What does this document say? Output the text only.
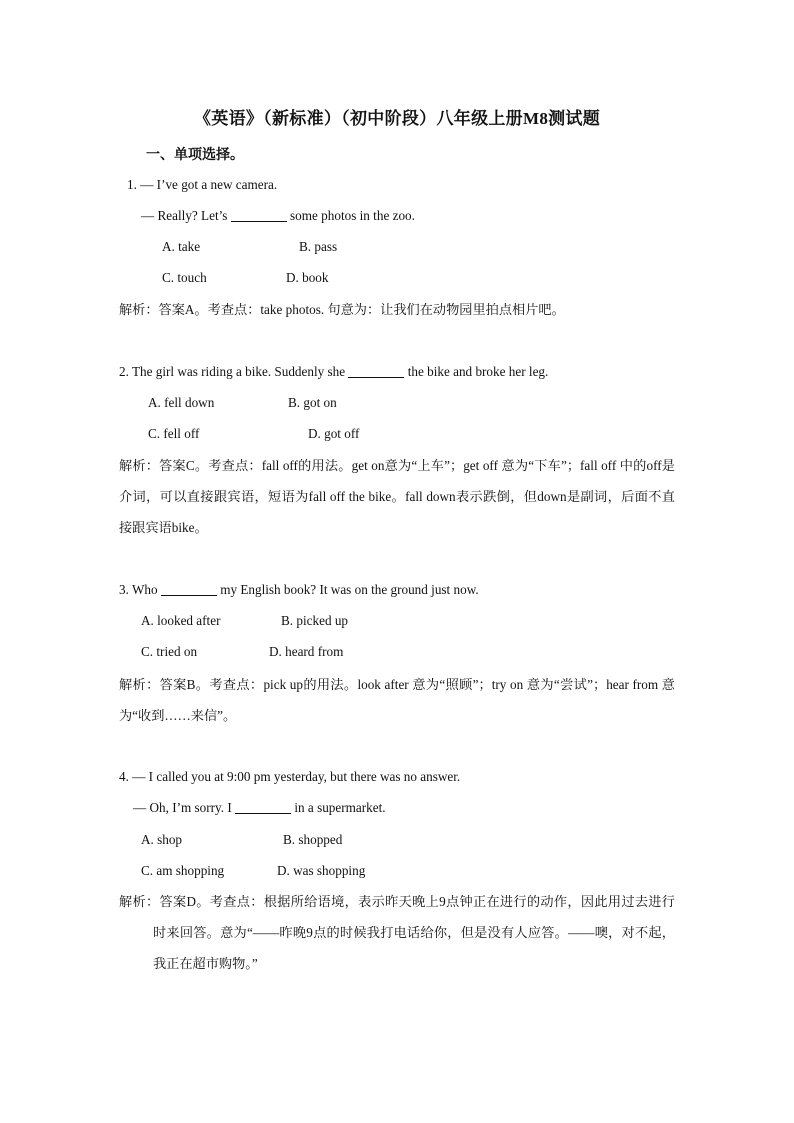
《英语》（新标准）（初中阶段）八年级上册M8测试题
一、单项选择。
1. — I’ve got a new camera.
— Really? Let’s	some photos in the zoo.
A. take	B. pass
C. touch	D. book

解析：答案A。考查点：take photos. 句意为：让我们在动物园里拍点相片吧。

2. The girl was riding a bike. Suddenly she	the bike and broke her leg.
A. fell down	B. got on
C. fell off	D. got off

解析：答案C。考查点：fall off的用法。get on意为“上车”；get off 意为“下车”；fall off 中的off是介词，可以直接跟宾语，短语为fall off the bike。fall down表示跌倒，但down是副词，后面不直接跟宾语bike。

3. Who	my English book? It was on the ground just now.
A. looked after	B. picked up
C. tried on	D. heard from

解析：答案B。考查点：pick up的用法。look after 意为“照顾”；try on 意为“尝试”；hear from 意为“收到……来信”。

4. — I called you at 9:00 pm yesterday, but there was no answer.
— Oh, I’m sorry. I	in a supermarket.
A. shop	B. shopped
C. am shopping	D. was shopping

解析：答案D。考查点：根据所给语境，表示昨天晚上9点钟正在进行的动作，因此用过去进行时来回答。意为“——昨晚9点的时候我打电话给你，但是没有人应答。——噢，对不起，我正在超市购物。”
